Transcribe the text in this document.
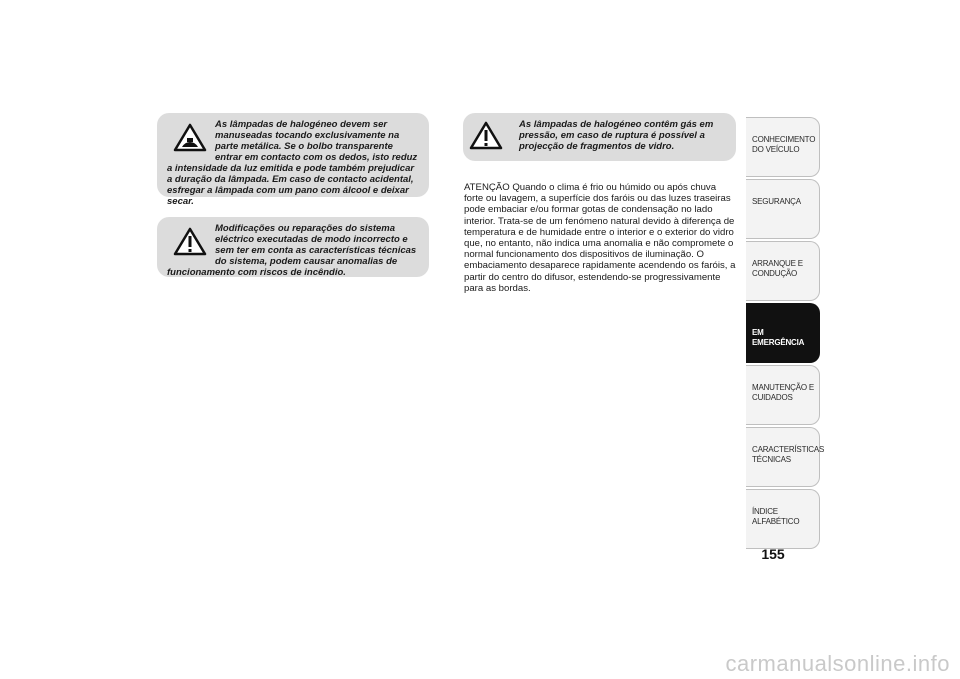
As lâmpadas de halogéneo devem ser manuseadas tocando exclusivamente na parte metálica. Se o bolbo transparente entrar em contacto com os dedos, isto reduz a intensidade da luz emitida e pode também prejudicar a duração da lâmpada. Em caso de contacto acidental, esfregar a lâmpada com um pano com álcool e deixar secar.

Modificações ou reparações do sistema eléctrico executadas de modo incorrecto e sem ter em conta as características técnicas do sistema, podem causar anomalias de funcionamento com riscos de incêndio.

As lâmpadas de halogéneo contêm gás em pressão, em caso de ruptura é possível a projecção de fragmentos de vidro.

ATENÇÃO Quando o clima é frio ou húmido ou após chuva forte ou lavagem, a superfície dos faróis ou das luzes traseiras pode embaciar e/ou formar gotas de condensação no lado interior. Trata-se de um fenómeno natural devido à diferença de temperatura e de humidade entre o interior e o exterior do vidro que, no entanto, não indica uma anomalia e não compromete o normal funcionamento dos dispositivos de iluminação. O embaciamento desaparece rapidamente acendendo os faróis, a partir do centro do difusor, estendendo-se progressivamente para as bordas.

CONHECIMENTO DO VEÍCULO
SEGURANÇA
ARRANQUE E CONDUÇÃO
EM EMERGÊNCIA
MANUTENÇÃO E CUIDADOS
CARACTERÍSTICAS TÉCNICAS
ÍNDICE ALFABÉTICO
155
carmanualsonline.info
